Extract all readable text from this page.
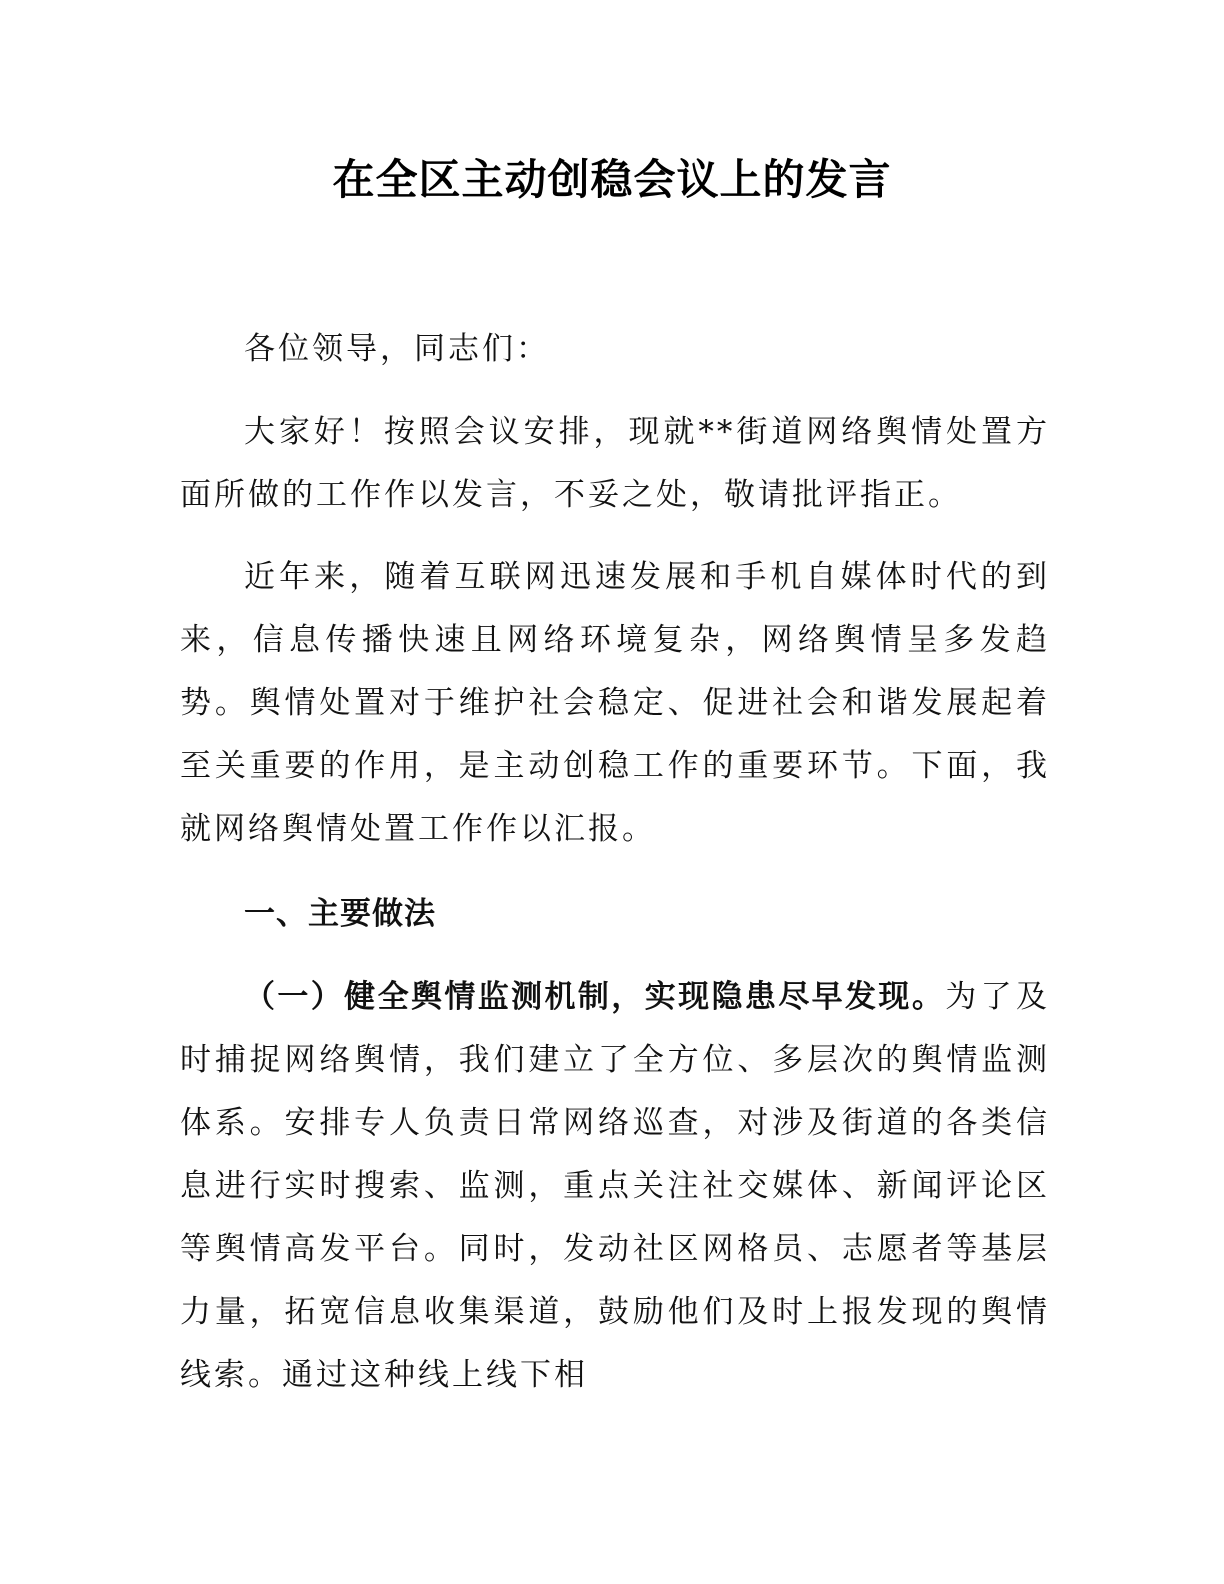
在全区主动创稳会议上的发言

各位领导，同志们：

大家好！按照会议安排，现就**街道网络舆情处置方面所做的工作作以发言，不妥之处，敬请批评指正。

近年来，随着互联网迅速发展和手机自媒体时代的到来，信息传播快速且网络环境复杂，网络舆情呈多发趋势。舆情处置对于维护社会稳定、促进社会和谐发展起着至关重要的作用，是主动创稳工作的重要环节。下面，我就网络舆情处置工作作以汇报。

一、主要做法

（一）健全舆情监测机制，实现隐患尽早发现。为了及时捕捉网络舆情，我们建立了全方位、多层次的舆情监测体系。安排专人负责日常网络巡查，对涉及街道的各类信息进行实时搜索、监测，重点关注社交媒体、新闻评论区等舆情高发平台。同时，发动社区网格员、志愿者等基层力量，拓宽信息收集渠道，鼓励他们及时上报发现的舆情线索。通过这种线上线下相
